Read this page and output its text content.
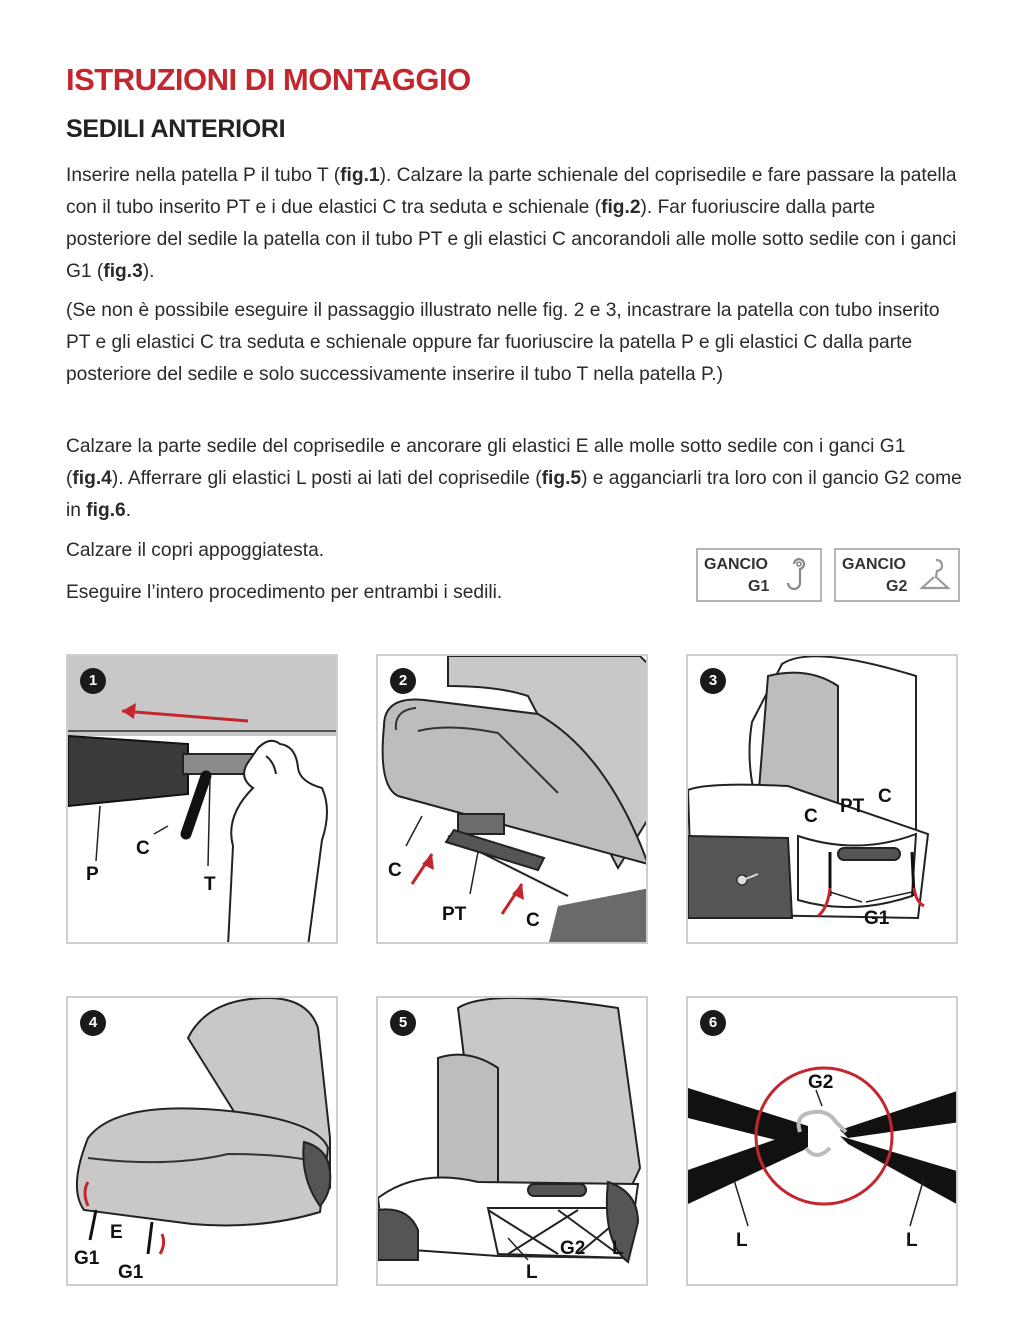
ISTRUZIONI DI MONTAGGIO
SEDILI ANTERIORI

Inserire nella patella P il tubo T (fig.1). Calzare la parte schienale del coprisedile e fare passare la patella con il tubo inserito PT e i due elastici C tra seduta e schienale (fig.2). Far fuoriuscire dalla parte posteriore del sedile la patella con il tubo PT e gli elastici C ancorandoli alle molle sotto sedile con i ganci G1 (fig.3).

(Se non è possibile eseguire il passaggio illustrato nelle fig. 2 e 3, incastrare la patella con tubo inserito PT e gli elastici C tra seduta e schienale oppure far fuoriuscire la patella P e gli elastici C dalla parte posteriore del sedile e solo successivamente inserire il tubo T nella patella P.)

Calzare la parte sedile del coprisedile e ancorare gli elastici E alle molle sotto sedile con i ganci G1 (fig.4). Afferrare gli elastici L posti ai lati del coprisedile (fig.5) e agganciarli tra loro con il gancio G2 come in fig.6.

Calzare il copri appoggiatesta.

Eseguire l’intero procedimento per entrambi i sedili.

GANCIO
G1
GANCIO
G2
1
P
C
T
2
C
PT	C
3
C PT C
G1
4
E
G1
G1
5
G2 L
L
6
G2
L	L
